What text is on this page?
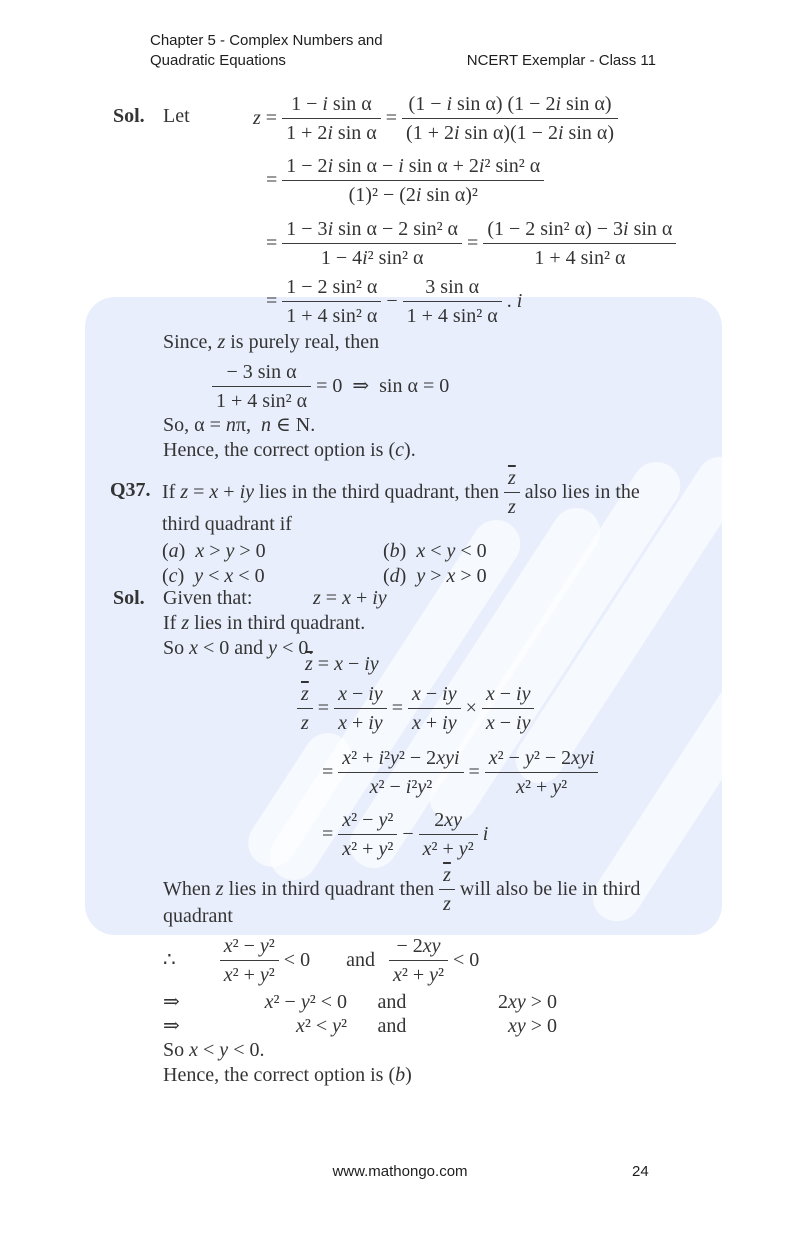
Chapter 5 - Complex Numbers and
Quadratic Equations	NCERT Exemplar - Class 11
Sol. Let	$z = \frac{\text{1 − i sin α}}{\text{1 + 2i sin α}} = \frac{\text{(1 − i sin α) (1 − 2i sin α)}}{\text{(1 + 2i sin α)(1 − 2i sin α)}}$
= $\frac{\text{1 − 2i sin α − i sin α + 2i² sin² α}}{\text{(1)² − (2i sin α)²}}$
= $\frac{\text{1 − 3i sin α − 2 sin² α}}{\text{1 − 4i² sin² α}} = \frac{\text{(1 − 2 sin² α) − 3i sin α}}{\text{1 + 4 sin² α}}$
= $\frac{\text{1 − 2 sin² α}}{\text{1 + 4 sin² α}} - \frac{\text{3 sin α}}{\text{1 + 4 sin² α}}$ . i
Since, z is purely real, then
$\frac{\text{− 3 sin α}}{\text{1 + 4 sin² α}} = 0$  ⇒  sin α = 0
So, α = nπ,  n ∈ N.
Hence, the correct option is (c).
Q37. If z = x + iy lies in the third quadrant, then $\frac{\overline{z}}{z}$ also lies in the
third quadrant if
(a)  x > y > 0	(b)  x < y < 0
(c)  y < x < 0	(d)  y > x > 0
Sol. Given that:	z = x + iy
If z lies in third quadrant.
So x < 0 and y < 0.
$\overline{z} = x$ − iy
$\frac{\overline{z}}{z} = \frac{x - iy}{x + iy} = \frac{x - iy}{x + iy} \times \frac{x - iy}{x - iy}$
= $\frac{\text{x² + i²y² − 2xyi}}{\text{x² − i²y²}} = \frac{\text{x² − y² − 2xyi}}{\text{x² + y²}}$
= $\frac{\text{x² − y²}}{\text{x² + y²}} - \frac{2xy}{\text{x² + y²}}$ i
When z lies in third quadrant then $\frac{\overline{z}}{z}$ will also be lie in third
quadrant
∴ $\frac{\text{x² − y²}}{\text{x² + y²}} < 0$ and $\frac{- 2xy}{\text{x² + y²}} < 0$
⇒	x² − y² < 0	and	2xy > 0
⇒	x² < y²	and	xy > 0
So x < y < 0.
Hence, the correct option is (b)
www.mathongo.com	24
